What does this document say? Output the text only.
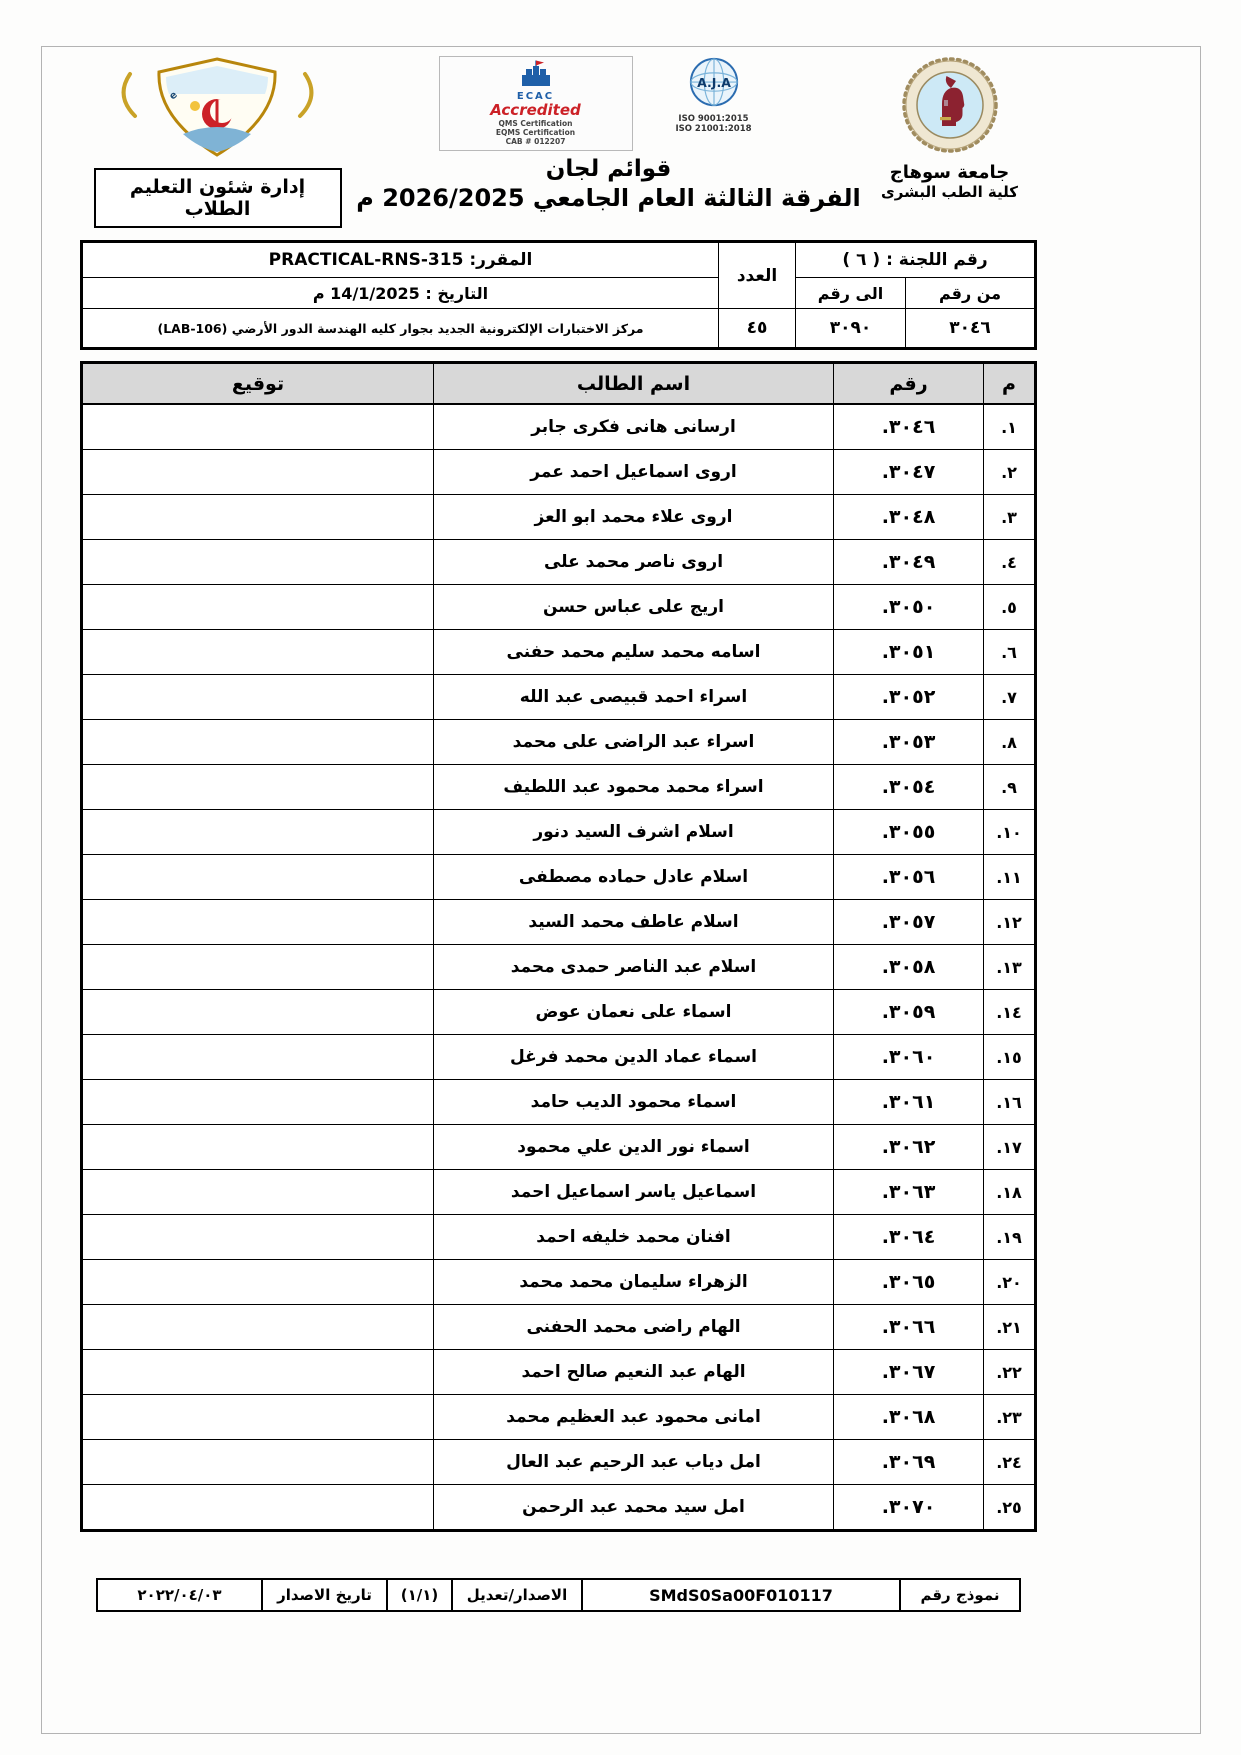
جامعة سوهاج
كلية الطب البشرى
ECAC
Accredited
QMS Certification
EQMS Certification
CAB # 012207
A.J.A
ISO 9001:2015
ISO 21001:2018
قوائم لجان
الفرقة الثالثة العام الجامعي 2026/2025 م
e
إدارة شئون التعليم الطلاب
رقم اللجنة : ( ٦ )		العدد	المقرر: PRACTICAL-RNS-315
من رقم	الى رقم		التاريخ : 14/1/2025 م
٣٠٤٦	٣٠٩٠	٤٥	مركز الاختبارات الإلكترونية الجديد بجوار كليه الهندسة الدور الأرضي (LAB-106)
م	رقم	اسم الطالب	توقيع
١.	٣٠٤٦.	ارسانى هانى فكرى جابر	
٢.	٣٠٤٧.	اروى اسماعيل احمد عمر	
٣.	٣٠٤٨.	اروى علاء محمد ابو العز	
٤.	٣٠٤٩.	اروى ناصر محمد على	
٥.	٣٠٥٠.	اريج على عباس حسن	
٦.	٣٠٥١.	اسامه محمد سليم محمد حفنى	
٧.	٣٠٥٢.	اسراء احمد قبيصى عبد الله	
٨.	٣٠٥٣.	اسراء عبد الراضى على محمد	
٩.	٣٠٥٤.	اسراء محمد محمود عبد اللطيف	
١٠.	٣٠٥٥.	اسلام اشرف السيد دنور	
١١.	٣٠٥٦.	اسلام عادل حماده مصطفى	
١٢.	٣٠٥٧.	اسلام عاطف محمد السيد	
١٣.	٣٠٥٨.	اسلام عبد الناصر حمدى محمد	
١٤.	٣٠٥٩.	اسماء على نعمان عوض	
١٥.	٣٠٦٠.	اسماء عماد الدين محمد فرغل	
١٦.	٣٠٦١.	اسماء محمود الديب حامد	
١٧.	٣٠٦٢.	اسماء نور الدين علي محمود	
١٨.	٣٠٦٣.	اسماعيل ياسر اسماعيل احمد	
١٩.	٣٠٦٤.	افنان محمد خليفه احمد	
٢٠.	٣٠٦٥.	الزهراء سليمان محمد محمد	
٢١.	٣٠٦٦.	الهام راضى محمد الحفنى	
٢٢.	٣٠٦٧.	الهام عبد النعيم صالح احمد	
٢٣.	٣٠٦٨.	امانى محمود عبد العظيم محمد	
٢٤.	٣٠٦٩.	امل دياب عبد الرحيم عبد العال	
٢٥.	٣٠٧٠.	امل سيد محمد عبد الرحمن	
نموذج رقم	SMdS0Sa00F010117	الاصدار/تعديل	(١/١)	تاريخ الاصدار	٢٠٢٢/٠٤/٠٣
